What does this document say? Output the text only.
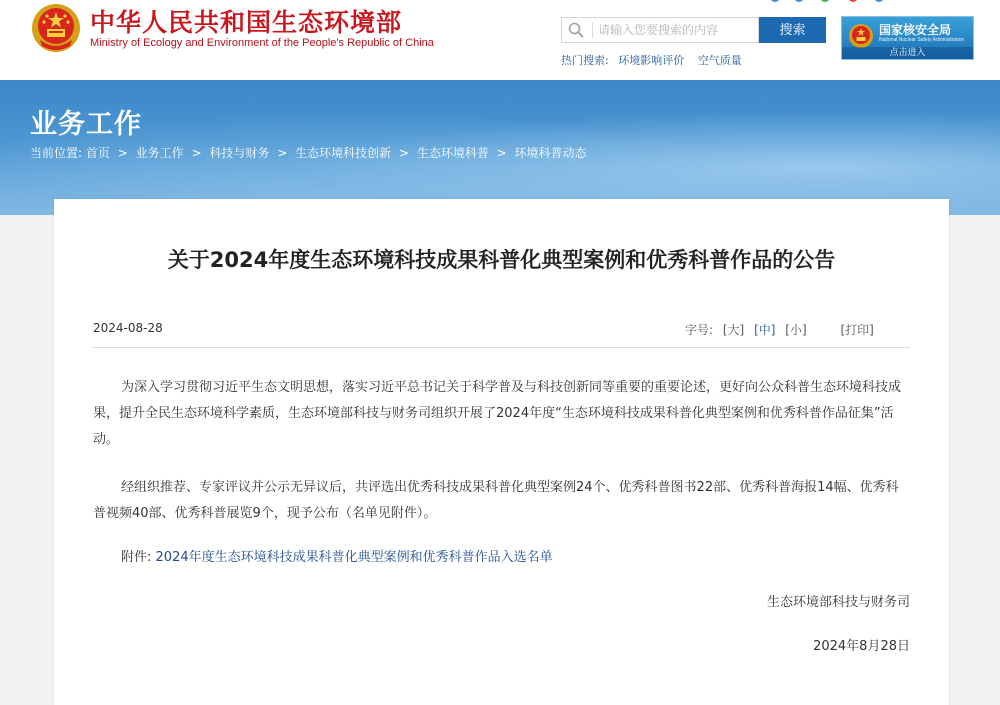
中华人民共和国生态环境部
Ministry of Ecology and Environment of the People's Republic of China
请输入您要搜索的内容
搜索
热门搜索: 环境影响评价 空气质量
国家核安全局
National Nuclear Safety Administration
点击进入
业务工作
当前位置: 首页 > 业务工作 > 科技与财务 > 生态环境科技创新 > 生态环境科普 > 环境科普动态
关于2024年度生态环境科技成果科普化典型案例和优秀科普作品的公告
2024-08-28	字号: [大] [中] [小]	[打印]

为深入学习贯彻习近平生态文明思想，落实习近平总书记关于科学普及与科技创新同等重要的重要论述，更好向公众科普生态环境科技成果，提升全民生态环境科学素质，生态环境部科技与财务司组织开展了2024年度“生态环境科技成果科普化典型案例和优秀科普作品征集”活动。

经组织推荐、专家评议并公示无异议后，共评选出优秀科技成果科普化典型案例24个、优秀科普图书22部、优秀科普海报14幅、优秀科普视频40部、优秀科普展览9个，现予公布（名单见附件）。

附件: 2024年度生态环境科技成果科普化典型案例和优秀科普作品入选名单
生态环境部科技与财务司
2024年8月28日
